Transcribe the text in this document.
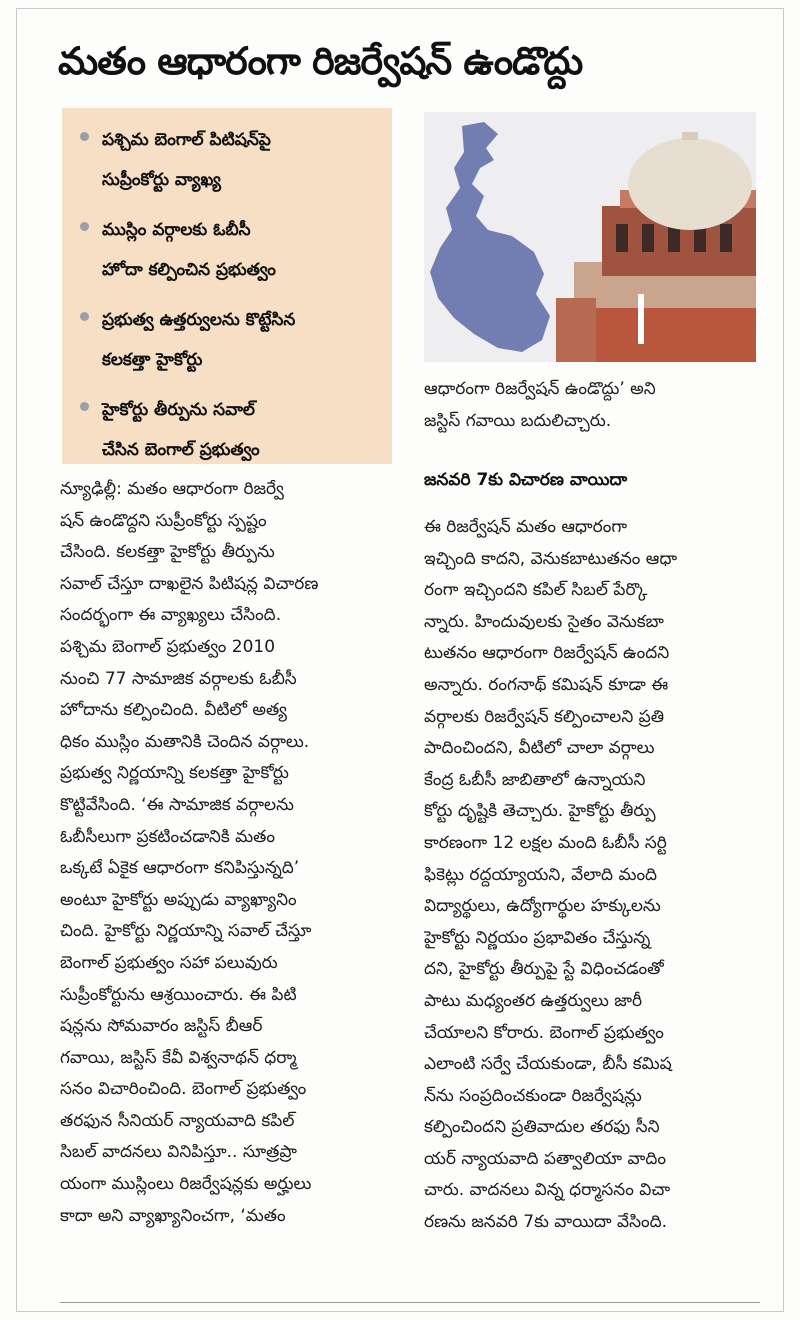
మతం ఆధారంగా రిజర్వేషన్ ఉండొద్దు
పశ్చిమ బెంగాల్ పిటిషన్‌పై
సుప్రీంకోర్టు వ్యాఖ్య
ముస్లిం వర్గాలకు ఓబీసీ
హోదా కల్పించిన ప్రభుత్వం
ప్రభుత్వ ఉత్తర్వులను కొట్టేసిన
కలకత్తా హైకోర్టు
హైకోర్టు తీర్పును సవాల్
చేసిన బెంగాల్ ప్రభుత్వం

ఆధారంగా రిజర్వేషన్ ఉండొద్దు’ అని

జస్టిస్ గవాయి బదులిచ్చారు.

జనవరి 7కు విచారణ వాయిదా

న్యూఢిల్లీ: మతం ఆధారంగా రిజర్వే

షన్ ఉండొద్దని సుప్రీంకోర్టు స్పష్టం

చేసింది. కలకత్తా హైకోర్టు తీర్పును

సవాల్ చేస్తూ దాఖలైన పిటిషన్ల విచారణ

సందర్భంగా ఈ వ్యాఖ్యలు చేసింది.

పశ్చిమ బెంగాల్ ప్రభుత్వం 2010

నుంచి 77 సామాజిక వర్గాలకు ఓబీసీ

హోదాను కల్పించింది. వీటిలో అత్య

ధికం ముస్లిం మతానికి చెందిన వర్గాలు.

ప్రభుత్వ నిర్ణయాన్ని కలకత్తా హైకోర్టు

కొట్టివేసింది. ‘ఈ సామాజిక వర్గాలను

ఓబీసీలుగా ప్రకటించడానికి మతం

ఒక్కటే ఏకైక ఆధారంగా కనిపిస్తున్నది’

అంటూ హైకోర్టు అప్పుడు వ్యాఖ్యానిం

చింది. హైకోర్టు నిర్ణయాన్ని సవాల్ చేస్తూ

బెంగాల్ ప్రభుత్వం సహా పలువురు

సుప్రీంకోర్టును ఆశ్రయించారు. ఈ పిటి

షన్లను సోమవారం జస్టిస్ బీఆర్

గవాయి, జస్టిస్ కేవీ విశ్వనాథన్ ధర్మా

సనం విచారించింది. బెంగాల్ ప్రభుత్వం

తరఫున సీనియర్ న్యాయవాది కపిల్

సిబల్ వాదనలు వినిపిస్తూ.. సూత్రప్రా

యంగా ముస్లింలు రిజర్వేషన్లకు అర్హులు

కాదా అని వ్యాఖ్యానించగా, ‘మతం

ఈ రిజర్వేషన్ మతం ఆధారంగా

ఇచ్చింది కాదని, వెనుకబాటుతనం ఆధా

రంగా ఇచ్చిందని కపిల్ సిబల్ పేర్కొ

న్నారు. హిందువులకు సైతం వెనుకబా

టుతనం ఆధారంగా రిజర్వేషన్ ఉందని

అన్నారు. రంగనాథ్ కమిషన్ కూడా ఈ

వర్గాలకు రిజర్వేషన్ కల్పించాలని ప్రతి

పాదించిందని, వీటిలో చాలా వర్గాలు

కేంద్ర ఓబీసీ జాబితాలో ఉన్నాయని

కోర్టు దృష్టికి తెచ్చారు. హైకోర్టు తీర్పు

కారణంగా 12 లక్షల మంది ఓబీసీ సర్టి

ఫికెట్లు రద్దయ్యాయని, వేలాది మంది

విద్యార్థులు, ఉద్యోగార్థుల హక్కులను

హైకోర్టు నిర్ణయం ప్రభావితం చేస్తున్న

దని, హైకోర్టు తీర్పుపై స్టే విధించడంతో

పాటు మధ్యంతర ఉత్తర్వులు జారీ

చేయాలని కోరారు. బెంగాల్ ప్రభుత్వం

ఎలాంటి సర్వే చేయకుండా, బీసీ కమిష

న్‌ను సంప్రదించకుండా రిజర్వేషన్లు

కల్పించిందని ప్రతివాదుల తరఫు సీని

యర్ న్యాయవాది పత్వాలియా వాదిం

చారు. వాదనలు విన్న ధర్మాసనం విచా

రణను జనవరి 7కు వాయిదా వేసింది.
